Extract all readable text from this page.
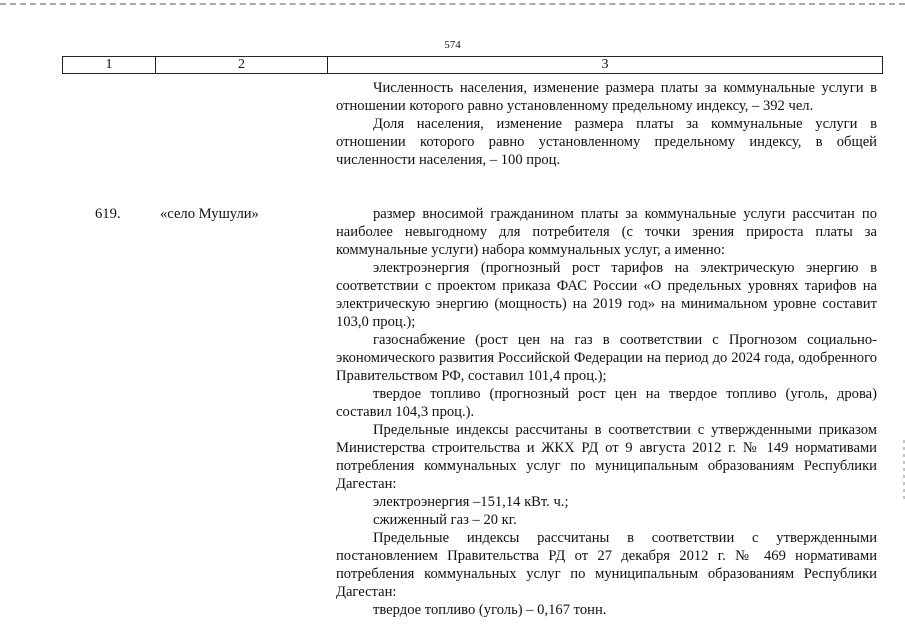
574
1	2	3

Численность населения, изменение размера платы за коммунальные услуги в отношении которого равно установленному предельному индексу, – 392 чел.

Доля населения, изменение размера платы за коммунальные услуги в отношении которого равно установленному предельному индексу, в общей численности населения, – 100 проц.

619.	«село Мушули»	размер вносимой гражданином платы за коммунальные услуги рассчитан по наиболее невыгодному для потребителя (с точки зрения прироста платы за коммунальные услуги) набора коммунальных услуг, а именно:

электроэнергия (прогнозный рост тарифов на электрическую энергию в соответствии с проектом приказа ФАС России «О предельных уровнях тарифов на электрическую энергию (мощность) на 2019 год» на минимальном уровне составит 103,0 проц.);

газоснабжение (рост цен на газ в соответствии с Прогнозом социально-экономического развития Российской Федерации на период до 2024 года, одобренного Правительством РФ, составил 101,4 проц.);

твердое топливо (прогнозный рост цен на твердое топливо (уголь, дрова) составил 104,3 проц.).

Предельные индексы рассчитаны в соответствии с утвержденными приказом Министерства строительства и ЖКХ РД от 9 августа 2012 г. № 149 нормативами потребления коммунальных услуг по муниципальным образованиям Республики Дагестан:

электроэнергия –151,14 кВт. ч.;

сжиженный газ – 20 кг.

Предельные индексы рассчитаны в соответствии с утвержденными постановлением Правительства РД от 27 декабря 2012 г. № 469 нормативами потребления коммунальных услуг по муниципальным образованиям Республики Дагестан:

твердое топливо (уголь) – 0,167 тонн.
